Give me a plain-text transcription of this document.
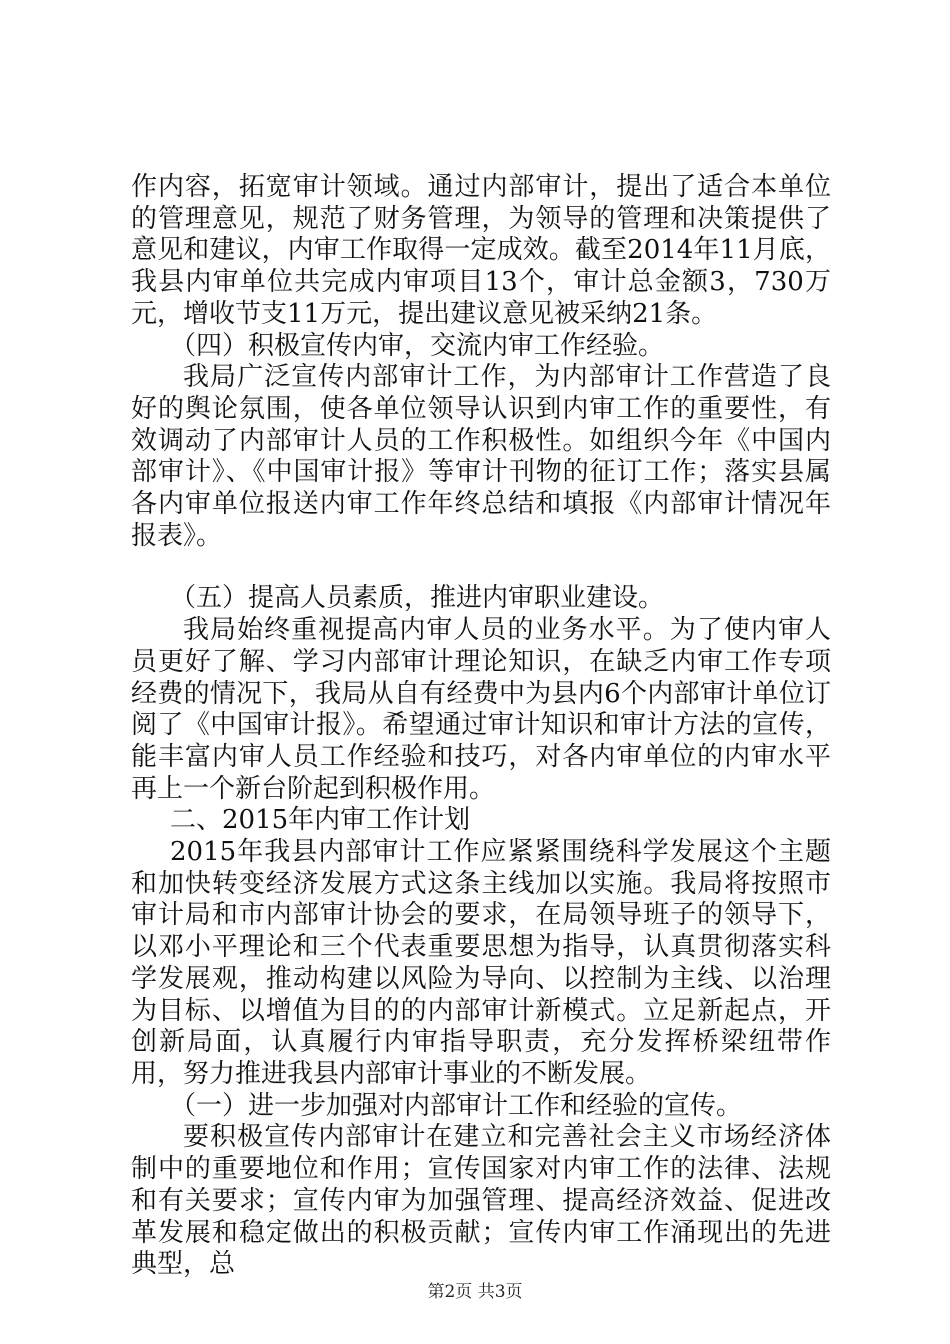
作内容，拓宽审计领域。通过内部审计，提出了适合本单位的管理意见，规范了财务管理，为领导的管理和决策提供了意见和建议，内审工作取得一定成效。截至2014年11月底，我县内审单位共完成内审项目13个，审计总金额3，730万元，增收节支11万元，提出建议意见被采纳21条。

（四）积极宣传内审，交流内审工作经验。

我局广泛宣传内部审计工作，为内部审计工作营造了良好的舆论氛围，使各单位领导认识到内审工作的重要性，有效调动了内部审计人员的工作积极性。如组织今年《中国内部审计》、《中国审计报》等审计刊物的征订工作；落实县属各内审单位报送内审工作年终总结和填报《内部审计情况年报表》。

（五）提高人员素质，推进内审职业建设。

我局始终重视提高内审人员的业务水平。为了使内审人员更好了解、学习内部审计理论知识，在缺乏内审工作专项经费的情况下，我局从自有经费中为县内6个内部审计单位订阅了《中国审计报》。希望通过审计知识和审计方法的宣传，能丰富内审人员工作经验和技巧，对各内审单位的内审水平再上一个新台阶起到积极作用。

二、2015年内审工作计划

2015年我县内部审计工作应紧紧围绕科学发展这个主题和加快转变经济发展方式这条主线加以实施。我局将按照市审计局和市内部审计协会的要求，在局领导班子的领导下，以邓小平理论和三个代表重要思想为指导，认真贯彻落实科学发展观，推动构建以风险为导向、以控制为主线、以治理为目标、以增值为目的的内部审计新模式。立足新起点，开创新局面，认真履行内审指导职责，充分发挥桥梁纽带作用，努力推进我县内部审计事业的不断发展。

（一）进一步加强对内部审计工作和经验的宣传。

要积极宣传内部审计在建立和完善社会主义市场经济体制中的重要地位和作用；宣传国家对内审工作的法律、法规和有关要求；宣传内审为加强管理、提高经济效益、促进改革发展和稳定做出的积极贡献；宣传内审工作涌现出的先进典型，总

第2页 共3页
